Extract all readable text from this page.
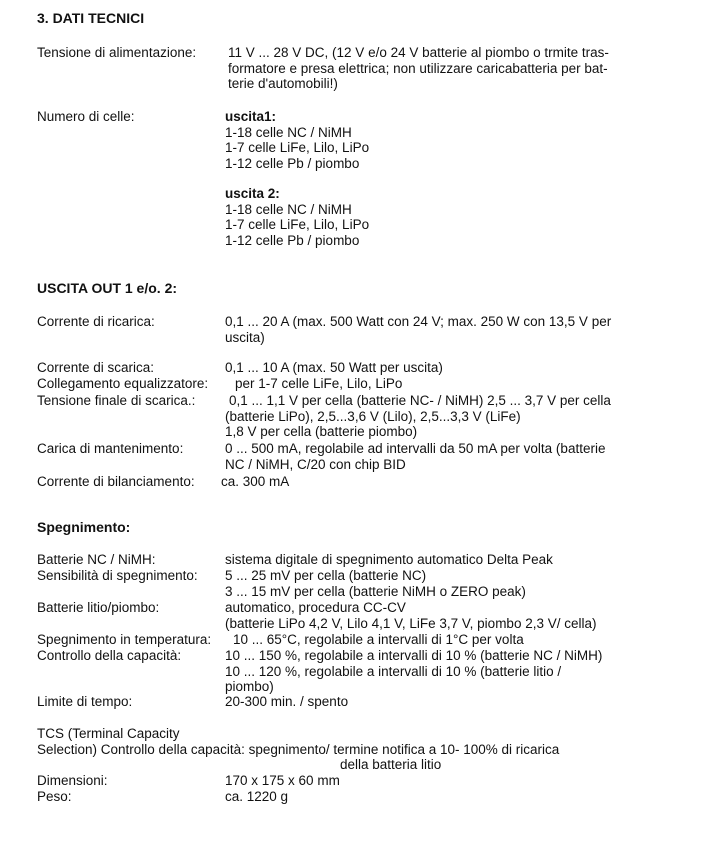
3. DATI TECNICI
Tensione di alimentazione: 11 V ... 28 V DC, (12 V e/o 24 V batterie al piombo o trmite tras-
formatore e presa elettrica; non utilizzare caricabatteria per bat-
terie d'automobili!)
Numero di celle:	uscita1:
1-18 celle NC / NiMH
1-7 celle LiFe, Lilo, LiPo
1-12 celle Pb / piombo
uscita 2:
1-18 celle NC / NiMH
1-7 celle LiFe, Lilo, LiPo
1-12 celle Pb / piombo
USCITA OUT 1 e/o. 2:
Corrente di ricarica:	0,1 ... 20 A (max. 500 Watt con 24 V; max. 250 W con 13,5 V per
uscita)
Corrente di scarica:	0,1 ... 10 A (max. 50 Watt per uscita)
Collegamento equalizzatore: per 1-7 celle LiFe, Lilo, LiPo
Tensione finale di scarica.: 0,1 ... 1,1 V per cella (batterie NC- / NiMH) 2,5 ... 3,7 V per cella
(batterie LiPo), 2,5...3,6 V (Lilo), 2,5...3,3 V (LiFe)
1,8 V per cella (batterie piombo)
Carica di mantenimento:	0 ... 500 mA, regolabile ad intervalli da 50 mA per volta (batterie
NC / NiMH, C/20 con chip BID
Corrente di bilanciamento: ca. 300 mA
Spegnimento:
Batterie NC / NiMH:	sistema digitale di spegnimento automatico Delta Peak
Sensibilità di spegnimento: 5 ... 25 mV per cella (batterie NC)
3 ... 15 mV per cella (batterie NiMH o ZERO peak)
Batterie litio/piombo:	automatico, procedura CC-CV
(batterie LiPo 4,2 V, Lilo 4,1 V, LiFe 3,7 V, piombo 2,3 V/ cella)
Spegnimento in temperatura: 10 ... 65°C, regolabile a intervalli di 1°C per volta
Controllo della capacità:	10 ... 150 %, regolabile a intervalli di 10 % (batterie NC / NiMH)
10 ... 120 %, regolabile a intervalli di 10 % (batterie litio /
piombo)
Limite di tempo:	20-300 min. / spento
TCS (Terminal Capacity
Selection) Controllo della capacità: spegnimento/ termine notifica a 10- 100% di ricarica
della batteria litio
Dimensioni:	170 x 175 x 60 mm
Peso:	ca. 1220 g
